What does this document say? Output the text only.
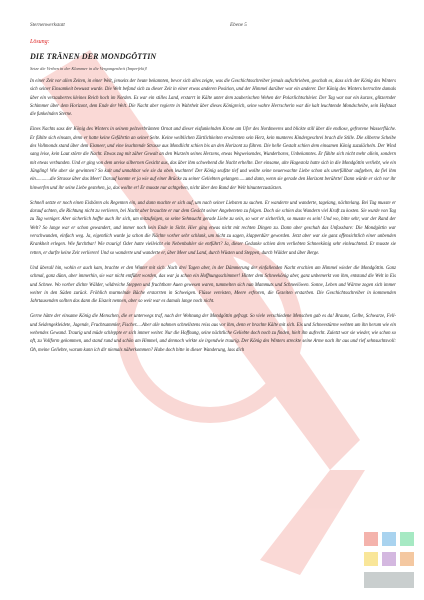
Sternenwerkstatt	Ebene 5
Lösung:
DIE TRÄNEN DER MONDGÖTTIN
Setze die Verben in der Klammer in die Vergangenheit (Imperfekt)!

In einer Zeit vor allen Zeiten, in einer Welt, jenseits der heute bekannten, bevor sich alles zeigte, was die Geschichtsschreiber jemals aufschrieben, geschah es, dass sich der König des Winters sich seiner Einsamkeit bewusst wurde. Die Welt befand sich zu dieser Zeit in einer etwas anderen Position, und der Himmel darüber war ein anderer. Der König des Winters herrschte damals über ein verzaubertes kleines Reich hoch im Norden. Es war ein stilles Land, erstarrt in Kälte unter dem zauberischen Wehen der Polarlichtschleier. Der Tag war nur ein kurzes, glitzernder Schimmer über dem Horizont, dem Ende der Welt. Die Nacht aber regierte in Wahrheit über dieses Königreich, seine wahre Herrscherin war die kalt leuchtende Mondscheibe, sein Hofstaat die funkelnden Sterne.

Eines Nachts sass der König des Winters in seinem pelzverbrämten Ornat und dieser eisfunkelnden Krone am Ufer des Nordmeeres und blickte still über die endlose, gefrorene Wasserfläche. Er fühlte sich einsam, denn er hatte keine Gefährtin an seiner Seite. Keine weiblichen Zärtlichkeiten erwärmten sein Herz, kein munteres Kindergeschrei brach die Stille. Die silberne Scheibe des Vollmonds stand über dem Eismeer, und eine leuchtende Strasse aus Mondlicht schien bis an den Horizont zu führen. Die helle Gestalt schien dem einsamen König zuzulächeln. Der Wind sang leise, kein Laut störte die Nacht. Etwas zog mit zäher Gewalt an den Wurzeln seines Herzens, etwas Wegweisendes, Wunderbares, Unbekanntes. Er fühlte sich nicht mehr allein, sondern mit etwas verbunden. Und er ging von dem ureise silbernen Gesicht aus, das über ihm schwebend die Nacht erhellte. Der einsame, alte Hagestolz hatte sich in die Mondgöttin verliebt, wie ein Jüngling! Wie aber sie gewinnen? So kalt und unnahbar wie sie da oben leuchtete! Der König seufzte tief und wollte seine neuerwachte Liebe schon als unerfüllbar aufgeben, da fiel ihm ein............die Strasse über das Meer! Darauf konnte er ja wie auf einer Brücke zu seiner Geliebten gelangen......und dann, wenn sie gerade den Horizont berührte! Dann würde er sich vor ihr hinwerfen und ihr seine Liebe gestehen, ja, das wollte er! Er musste nur achtgeben, nicht über den Rand der Welt hinunterzustürzen.

Schnell setzte er noch einen Eisbären als Regenten ein, und dann machte er sich auf, um nach seiner Liebsten zu suchen. Er wanderte und wanderte, tagelang, nächtelang. Bei Tag musste er darauf achten, die Richtung nicht zu verlieren, bei Nacht aber brauchte er nur dem Gesicht seiner Angebeteten zu folgen. Doch sie schien das Wandern viel Kraft zu kosten. Sie wurde von Tag zu Tag weniger. Aber sicherlich hoffte auch ihr sich, um mitzufolgen, so seine Sehnsucht gerade Liebe zu sein, so war er sicherlich, so musste es sein! Und wo, bitte sehr, war der Rand der Welt? So lange war er schon gewandert, und immer noch kein Ende in Sicht. Hier ging etwas nicht mit rechten Dingen zu. Dann aber geschah das Unfassbare: Die Mondgöttin war verschwunden, einfach weg. Ja, eigentlich wurde ja schon die Nächte vorher sehr schlank, um nicht zu sagen, klapperdürr geworden. Jetzt aber war sie ganz offensichtlich einer unbenden Krankheit erlegen. Wie furchtbar! Wie traurig! Oder hatte vielleicht ein Nebenbuhler sie entführt? Ja, dieser Gedanke schien dem verliebten Schneekönig sehr einleuchtend. Er musste sie retten, er durfte keine Zeit verlieren! Und so wanderte und wanderte er, über Meer und Land, durch Wüsten und Steppen, durch Wälder und über Berge.

Und überall hin, wohin er auch kam, brachte er den Winter mit sich. Nach drei Tagen aber, in der Dämmerung der einfallenden Nacht erschien am Himmel wieder die Mondgöttin. Ganz schmal, ganz dünn, aber immerhin, sie war nicht entführt worden, das war ja schon ein Hoffnungsschimmer! Hinter dem Schneekönig aber, ganz unbemerkt von ihm, entstand die Welt in Eis und Schnee. Wo vorher dichte Wälder, wildreiche Steppen und fruchtbare Auen gewesen waren, tummelten sich nun Mammuts und Schneelöwen. Sonne, Leben und Wärme zogen sich immer weiter in den Süden zurück. Fröhlich murmelnde Bäche erstarrten in Schweigen. Flüsse vereisten, Meere erfroren, die Gezeiten erstarben. Die Geschichtsschreiber in kommenden Jahrtausenden sollten das dann die Eiszeit nennen, aber so weit war es damals lange noch nicht.

Gerne hätte der einsame König die Menschen, die er unterwegs traf, nach der Wohnung der Mondgöttin gefragt. So viele verschiedene Menschen gab es da! Braune, Gelbe, Schwarze, Fell- und Seidengekleidete, Jagende, Fruchtsammler, Fischer.....Aber alle nahmen schnellstens reiss aus vor ihm, denn er brachte Kälte mit sich. Eis und Schneestürme wehten um ihn herum wie ein wehendes Gewand. Traurig und müde schleppte er sich immer weiter. Nur die Hoffnung, seine nächtliche Geliebte doch noch zu finden, hielt ihn aufrecht. Zuletzt war sie wieder, wie schon so oft, zu Vollform gekommen, und stand rund und schön am Himmel, und dennoch wirkte sie irgendwie traurig. Der König des Winters streckte seine Arme nach ihr aus und rief sehnsuchtsvoll: Oh, meine Geliebte, warum kann ich dir niemals näherkommen? Habe doch bitte in dieser Wanderung, lass dich
